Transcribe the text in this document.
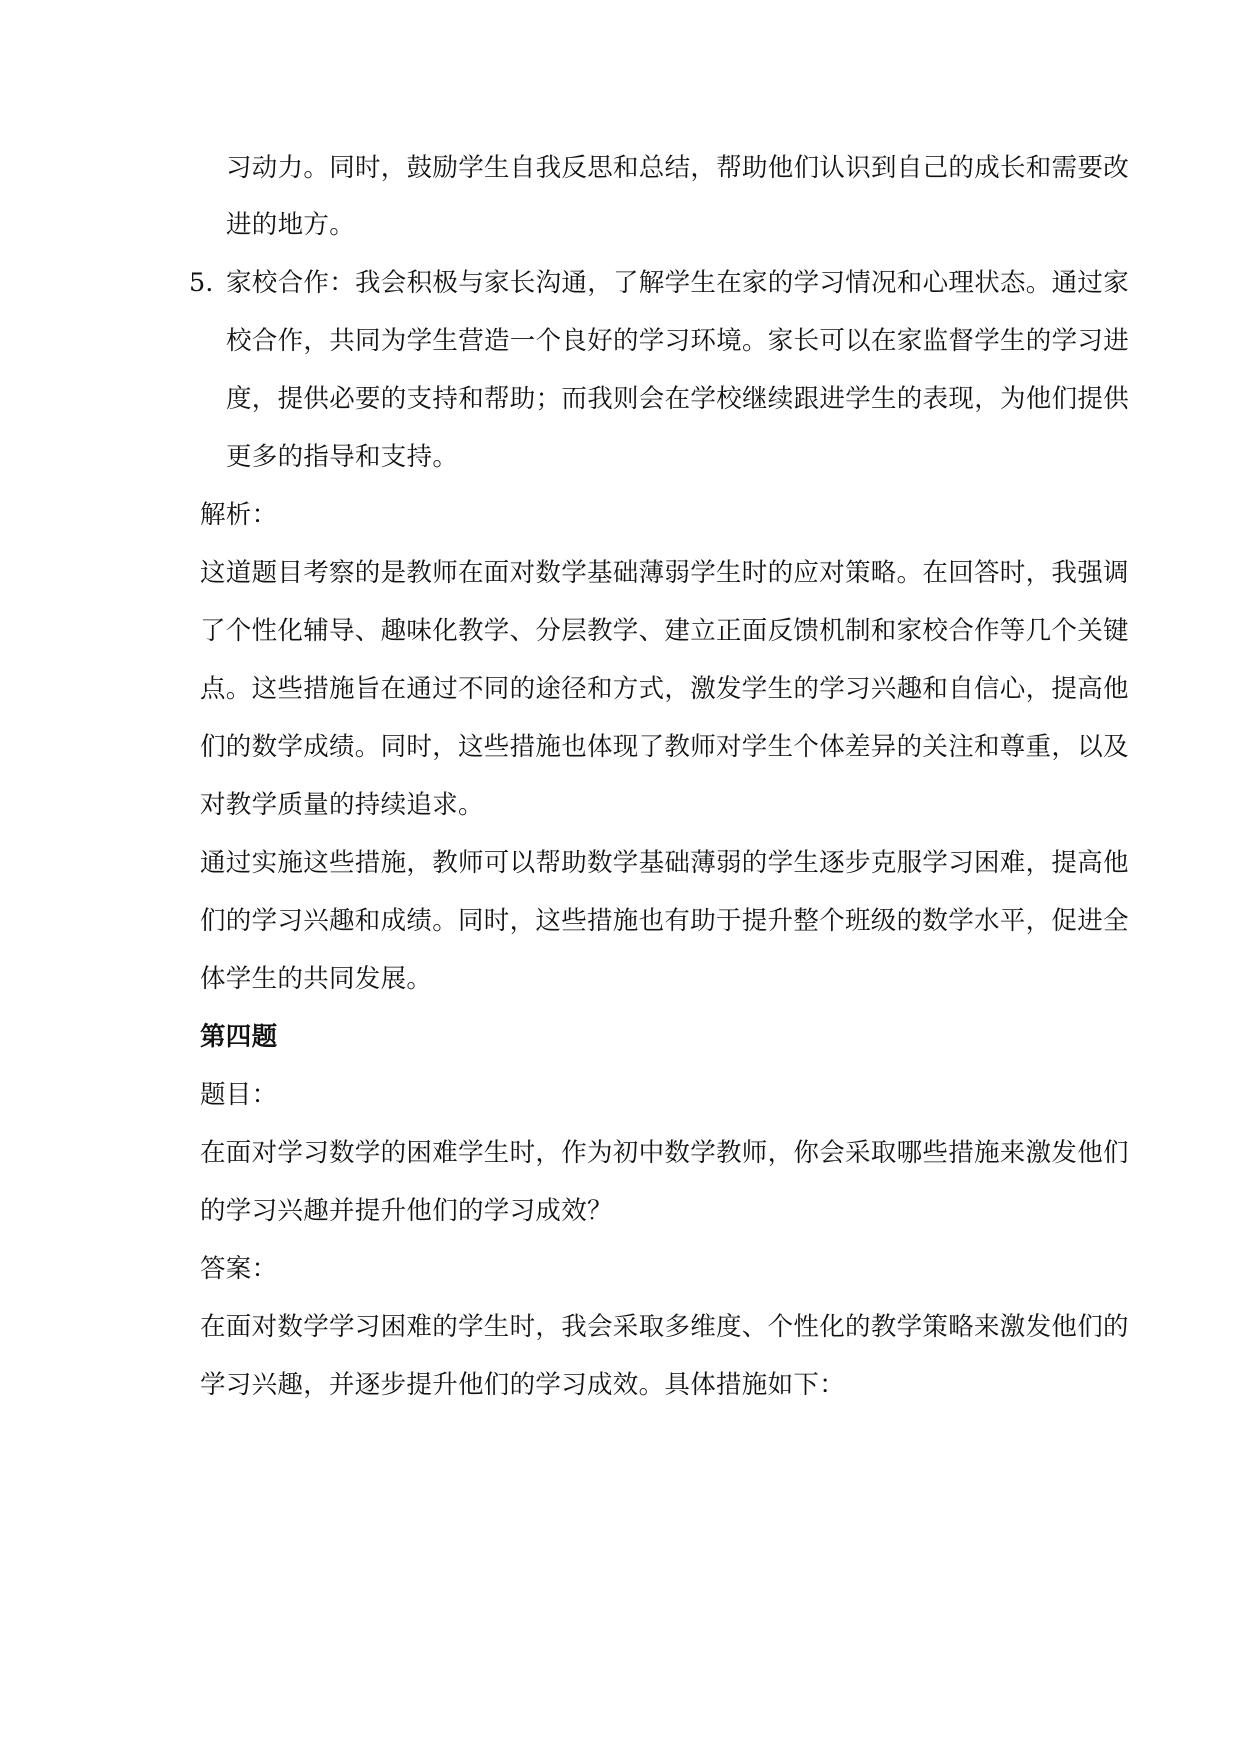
习动力。同时，鼓励学生自我反思和总结，帮助他们认识到自己的成长和需要改
进的地方。
5. 家校合作：我会积极与家长沟通，了解学生在家的学习情况和心理状态。通过家
校合作，共同为学生营造一个良好的学习环境。家长可以在家监督学生的学习进
度，提供必要的支持和帮助；而我则会在学校继续跟进学生的表现，为他们提供
更多的指导和支持。
解析：
这道题目考察的是教师在面对数学基础薄弱学生时的应对策略。在回答时，我强调
了个性化辅导、趣味化教学、分层教学、建立正面反馈机制和家校合作等几个关键
点。这些措施旨在通过不同的途径和方式，激发学生的学习兴趣和自信心，提高他
们的数学成绩。同时，这些措施也体现了教师对学生个体差异的关注和尊重，以及
对教学质量的持续追求。
通过实施这些措施，教师可以帮助数学基础薄弱的学生逐步克服学习困难，提高他
们的学习兴趣和成绩。同时，这些措施也有助于提升整个班级的数学水平，促进全
体学生的共同发展。
第四题
题目：
在面对学习数学的困难学生时，作为初中数学教师，你会采取哪些措施来激发他们
的学习兴趣并提升他们的学习成效？
答案：
在面对数学学习困难的学生时，我会采取多维度、个性化的教学策略来激发他们的
学习兴趣，并逐步提升他们的学习成效。具体措施如下：
